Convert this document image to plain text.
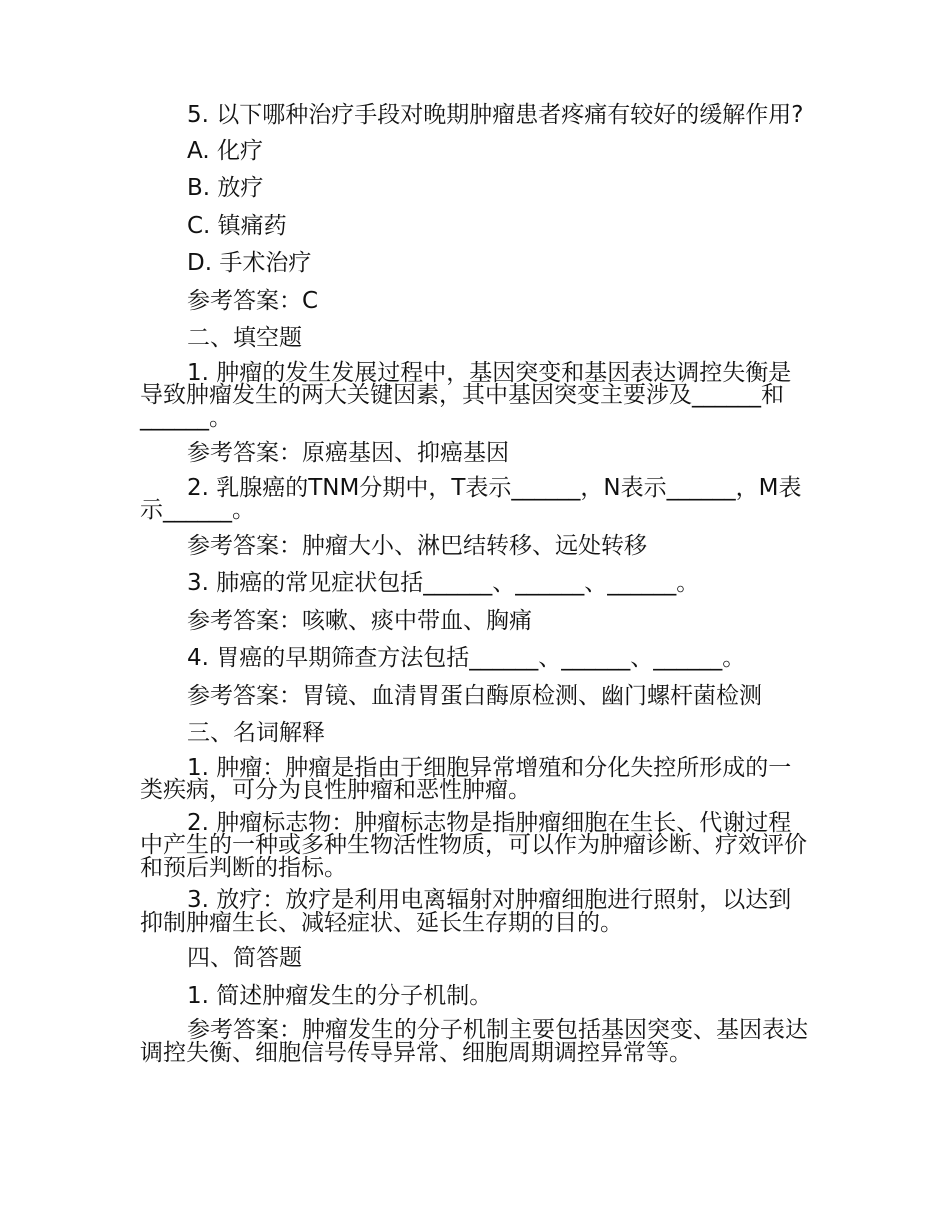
5. 以下哪种治疗手段对晚期肿瘤患者疼痛有较好的缓解作用?

A. 化疗

B. 放疗

C. 镇痛药

D. 手术治疗

参考答案：C

二、填空题

1. 肿瘤的发生发展过程中，基因突变和基因表达调控失衡是导致肿瘤发生的两大关键因素，其中基因突变主要涉及______和______。

参考答案：原癌基因、抑癌基因

2. 乳腺癌的TNM分期中，T表示______，N表示______，M表示______。

参考答案：肿瘤大小、淋巴结转移、远处转移

3. 肺癌的常见症状包括______、______、______。

参考答案：咳嗽、痰中带血、胸痛

4. 胃癌的早期筛查方法包括______、______、______。

参考答案：胃镜、血清胃蛋白酶原检测、幽门螺杆菌检测

三、名词解释

1. 肿瘤：肿瘤是指由于细胞异常增殖和分化失控所形成的一类疾病，可分为良性肿瘤和恶性肿瘤。

2. 肿瘤标志物：肿瘤标志物是指肿瘤细胞在生长、代谢过程中产生的一种或多种生物活性物质，可以作为肿瘤诊断、疗效评价和预后判断的指标。

3. 放疗：放疗是利用电离辐射对肿瘤细胞进行照射，以达到抑制肿瘤生长、减轻症状、延长生存期的目的。

四、简答题

1. 简述肿瘤发生的分子机制。

参考答案：肿瘤发生的分子机制主要包括基因突变、基因表达调控失衡、细胞信号传导异常、细胞周期调控异常等。
